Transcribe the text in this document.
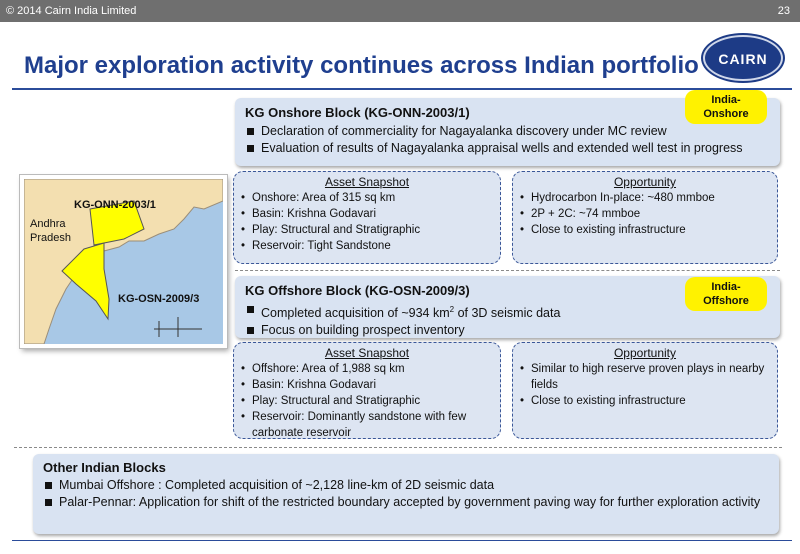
© 2014 Cairn India Limited	23
Major exploration activity continues across Indian portfolio	CAIRN
KG-ONN-2003/1
Andhra
Pradesh
KG-OSN-2009/3
KG Onshore Block (KG-ONN-2003/1)
Declaration of commerciality for Nagayalanka discovery under MC review
Evaluation of results of Nagayalanka appraisal wells and extended well test in progress
India-
Onshore
Asset Snapshot
• Onshore: Area of 315 sq km
• Basin: Krishna Godavari
• Play: Structural and Stratigraphic
• Reservoir: Tight Sandstone
Opportunity
• Hydrocarbon In-place: ~480 mmboe
• 2P + 2C: ~74 mmboe
• Close to existing infrastructure
KG Offshore Block (KG-OSN-2009/3)
Completed acquisition of ~934 $km^2$ of 3D seismic data
Focus on building prospect inventory
India-
Offshore
Asset Snapshot
• Offshore: Area of 1,988 sq km
• Basin: Krishna Godavari
• Play: Structural and Stratigraphic
• Reservoir: Dominantly sandstone with few carbonate reservoir
Opportunity
• Similar to high reserve proven plays in nearby fields
• Close to existing infrastructure
Other Indian Blocks
Mumbai Offshore : Completed acquisition of ~2,128 line-km of 2D seismic data
Palar-Pennar: Application for shift of the restricted boundary accepted by government paving way for further exploration activity
